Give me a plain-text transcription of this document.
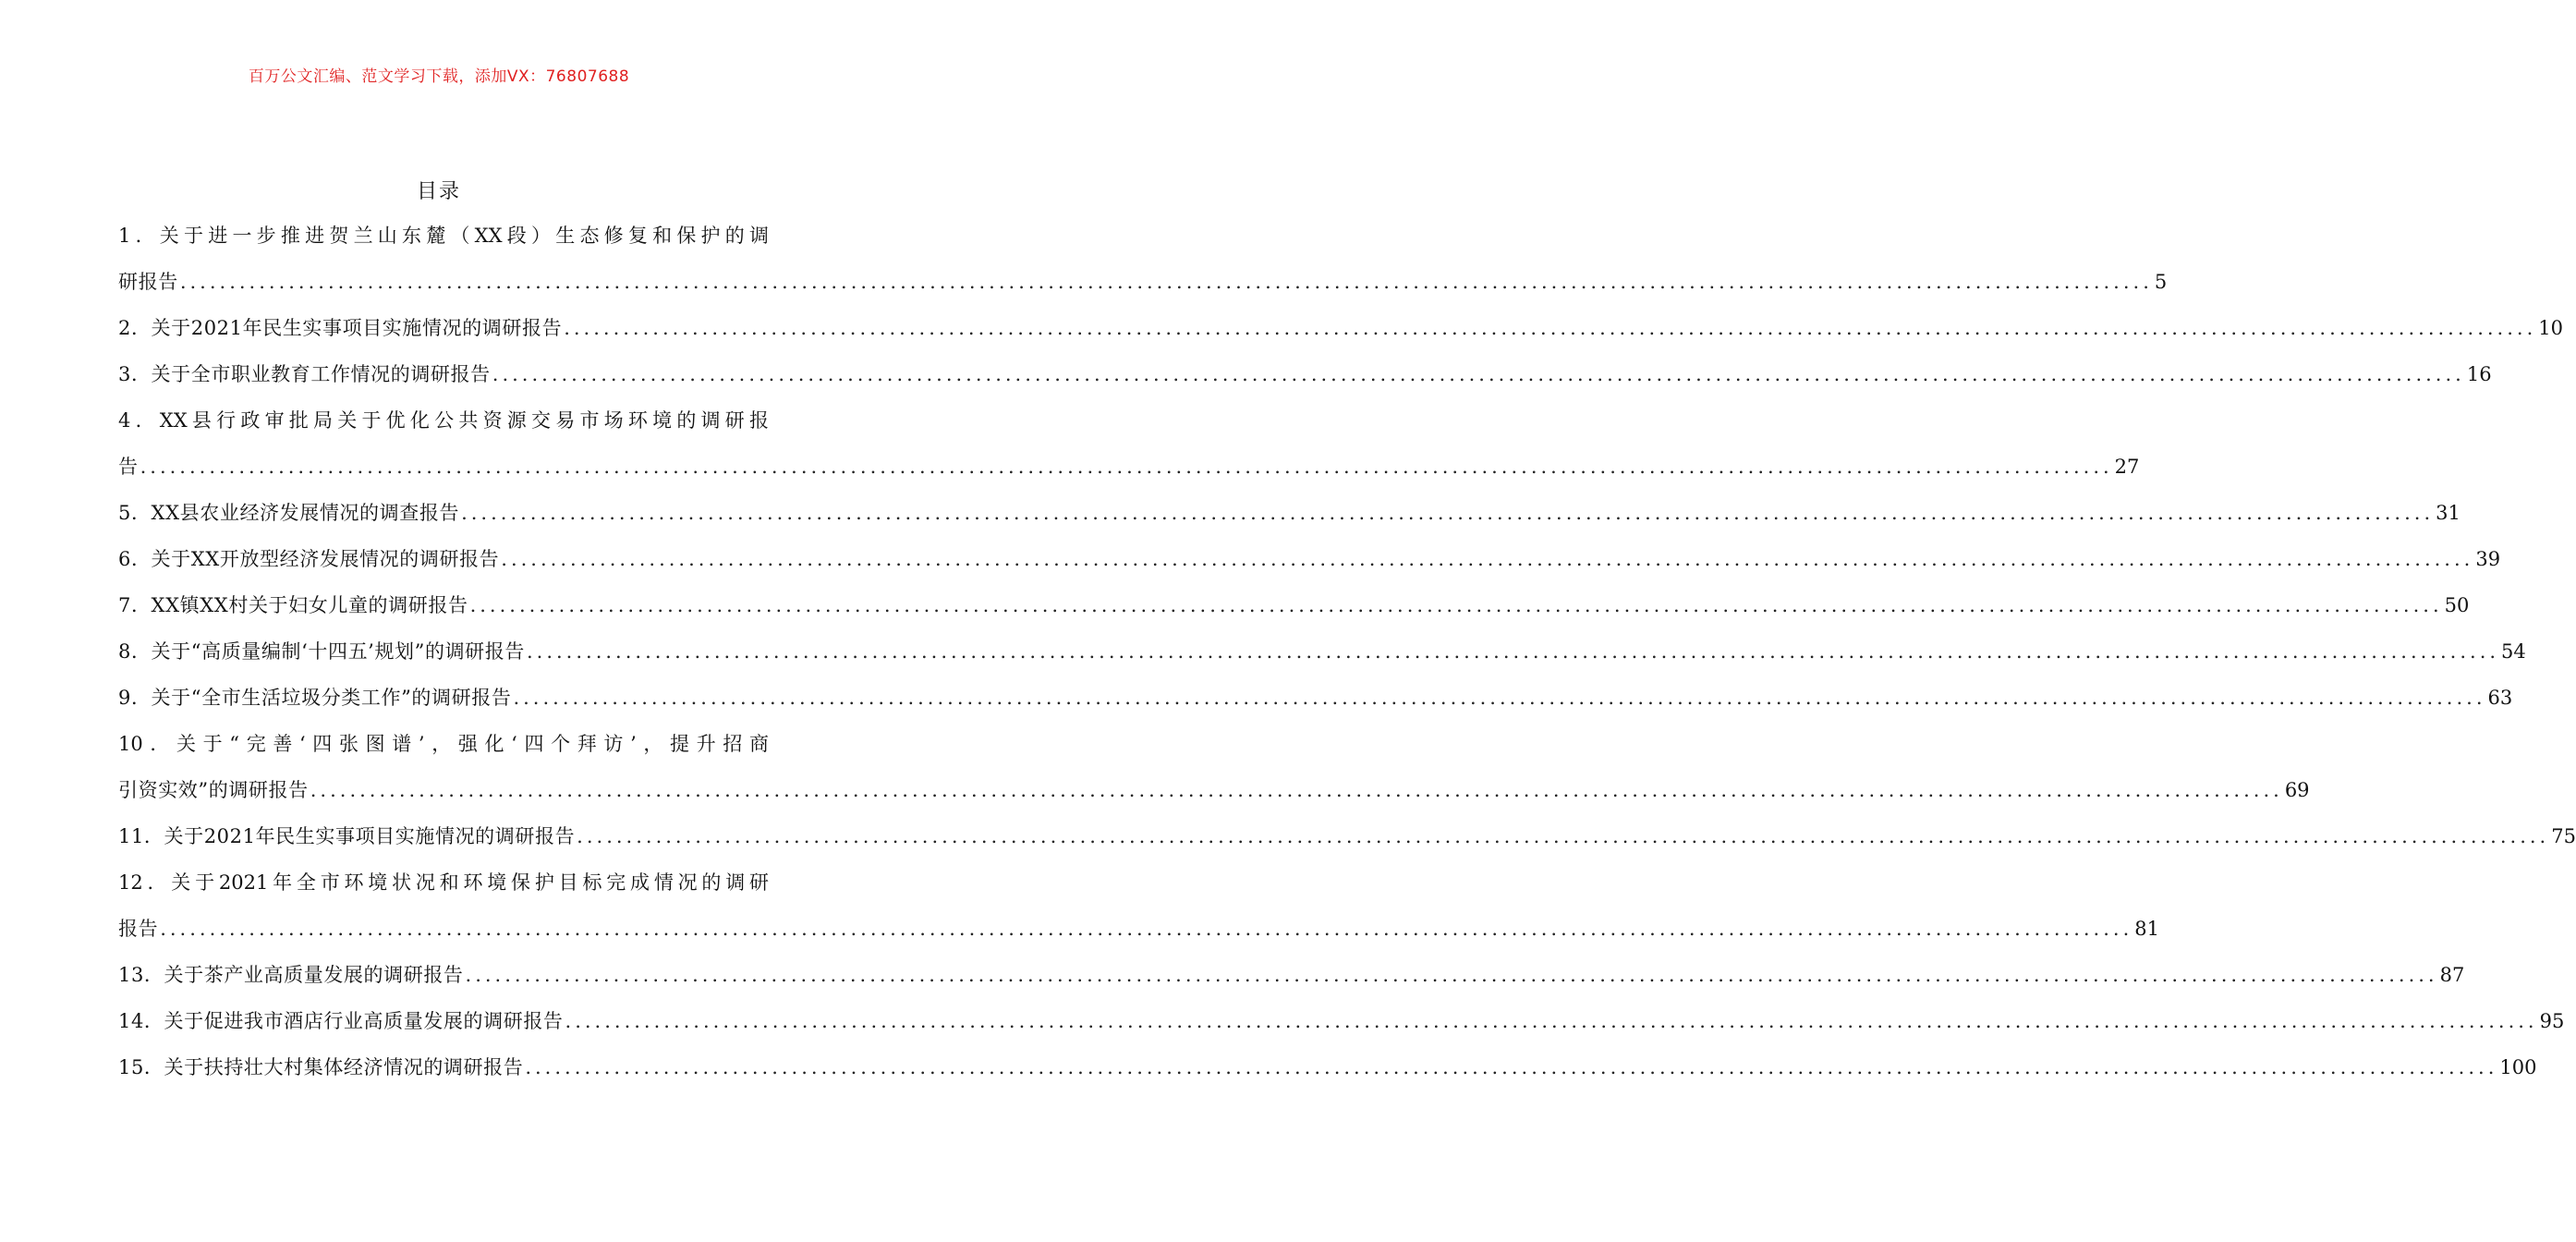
百万公文汇编、范文学习下载，添加VX：76807688
目录
1．关于进一步推进贺兰山东麓（XX段）生态修复和保护的调
研报告 ........................................................................................................................................................................................................ 5
2．关于2021年民生实事项目实施情况的调研报告 ........................................................................................................................................................................................................ 10
3．关于全市职业教育工作情况的调研报告 ........................................................................................................................................................................................................ 16
4．XX县行政审批局关于优化公共资源交易市场环境的调研报
告 ........................................................................................................................................................................................................ 27
5．XX县农业经济发展情况的调查报告 ........................................................................................................................................................................................................ 31
6．关于XX开放型经济发展情况的调研报告 ........................................................................................................................................................................................................ 39
7．XX镇XX村关于妇女儿童的调研报告 ........................................................................................................................................................................................................ 50
8．关于“高质量编制‘十四五’规划”的调研报告 ........................................................................................................................................................................................................ 54
9．关于“全市生活垃圾分类工作”的调研报告 ........................................................................................................................................................................................................ 63
10．关于“完善‘四张图谱’，强化‘四个拜访’，提升招商
引资实效”的调研报告 ........................................................................................................................................................................................................ 69
11．关于2021年民生实事项目实施情况的调研报告 ........................................................................................................................................................................................................ 75
12．关于2021年全市环境状况和环境保护目标完成情况的调研
报告 ........................................................................................................................................................................................................ 81
13．关于茶产业高质量发展的调研报告 ........................................................................................................................................................................................................ 87
14．关于促进我市酒店行业高质量发展的调研报告 ........................................................................................................................................................................................................ 95
15．关于扶持壮大村集体经济情况的调研报告 ........................................................................................................................................................................................................ 100
